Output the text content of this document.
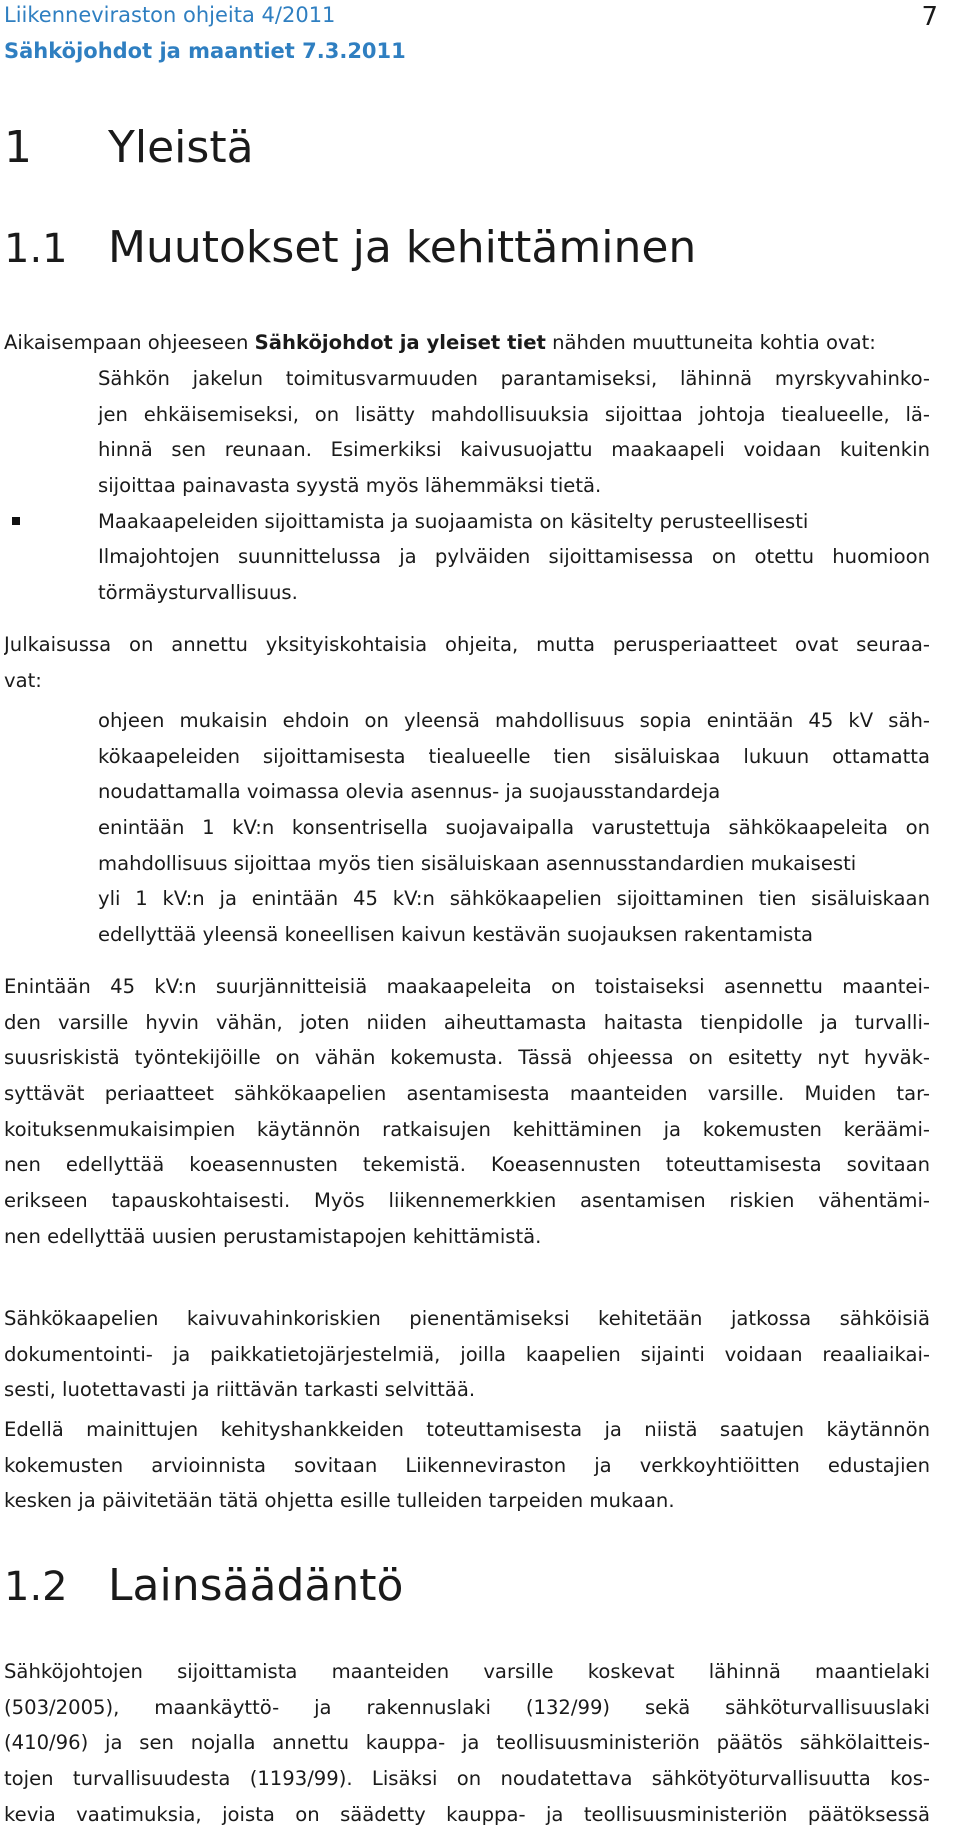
Liikenneviraston ohjeita 4/2011
Sähköjohdot ja maantiet 7.3.2011
7
1 Yleistä
1.1 Muutokset ja kehittäminen
Aikaisempaan ohjeeseen Sähköjohdot ja yleiset tiet nähden muuttuneita kohtia ovat:
Sähkön jakelun toimitusvarmuuden parantamiseksi, lähinnä myrskyvahinko-
jen ehkäisemiseksi, on lisätty mahdollisuuksia sijoittaa johtoja tiealueelle, lä-
hinnä sen reunaan. Esimerkiksi kaivusuojattu maakaapeli voidaan kuitenkin
sijoittaa painavasta syystä myös lähemmäksi tietä.
Maakaapeleiden sijoittamista ja suojaamista on käsitelty perusteellisesti
Ilmajohtojen suunnittelussa ja pylväiden sijoittamisessa on otettu huomioon
törmäysturvallisuus.
Julkaisussa on annettu yksityiskohtaisia ohjeita, mutta perusperiaatteet ovat seuraa-
vat:
ohjeen mukaisin ehdoin on yleensä mahdollisuus sopia enintään 45 kV säh-
kökaapeleiden sijoittamisesta tiealueelle tien sisäluiskaa lukuun ottamatta
noudattamalla voimassa olevia asennus- ja suojausstandardeja
enintään 1 kV:n konsentrisella suojavaipalla varustettuja sähkökaapeleita on
mahdollisuus sijoittaa myös tien sisäluiskaan asennusstandardien mukaisesti
yli 1 kV:n ja enintään 45 kV:n sähkökaapelien sijoittaminen tien sisäluiskaan
edellyttää yleensä koneellisen kaivun kestävän suojauksen rakentamista
Enintään 45 kV:n suurjännitteisiä maakaapeleita on toistaiseksi asennettu maantei-
den varsille hyvin vähän, joten niiden aiheuttamasta haitasta tienpidolle ja turvalli-
suusriskistä työntekijöille on vähän kokemusta. Tässä ohjeessa on esitetty nyt hyväk-
syttävät periaatteet sähkökaapelien asentamisesta maanteiden varsille. Muiden tar-
koituksenmukaisimpien käytännön ratkaisujen kehittäminen ja kokemusten keräämi-
nen edellyttää koeasennusten tekemistä. Koeasennusten toteuttamisesta sovitaan
erikseen tapauskohtaisesti. Myös liikennemerkkien asentamisen riskien vähentämi-
nen edellyttää uusien perustamistapojen kehittämistä.
Sähkökaapelien kaivuvahinkoriskien pienentämiseksi kehitetään jatkossa sähköisiä
dokumentointi- ja paikkatietojärjestelmiä, joilla kaapelien sijainti voidaan reaaliaikai-
sesti, luotettavasti ja riittävän tarkasti selvittää.
Edellä mainittujen kehityshankkeiden toteuttamisesta ja niistä saatujen käytännön
kokemusten arvioinnista sovitaan Liikenneviraston ja verkkoyhtiöitten edustajien
kesken ja päivitetään tätä ohjetta esille tulleiden tarpeiden mukaan.
1.2 Lainsäädäntö
Sähköjohtojen sijoittamista maanteiden varsille koskevat lähinnä maantielaki
(503/2005), maankäyttö- ja rakennuslaki (132/99) sekä sähköturvallisuuslaki
(410/96) ja sen nojalla annettu kauppa- ja teollisuusministeriön päätös sähkölaitteis-
tojen turvallisuudesta (1193/99). Lisäksi on noudatettava sähkötyöturvallisuutta kos-
kevia vaatimuksia, joista on säädetty kauppa- ja teollisuusministeriön päätöksessä
